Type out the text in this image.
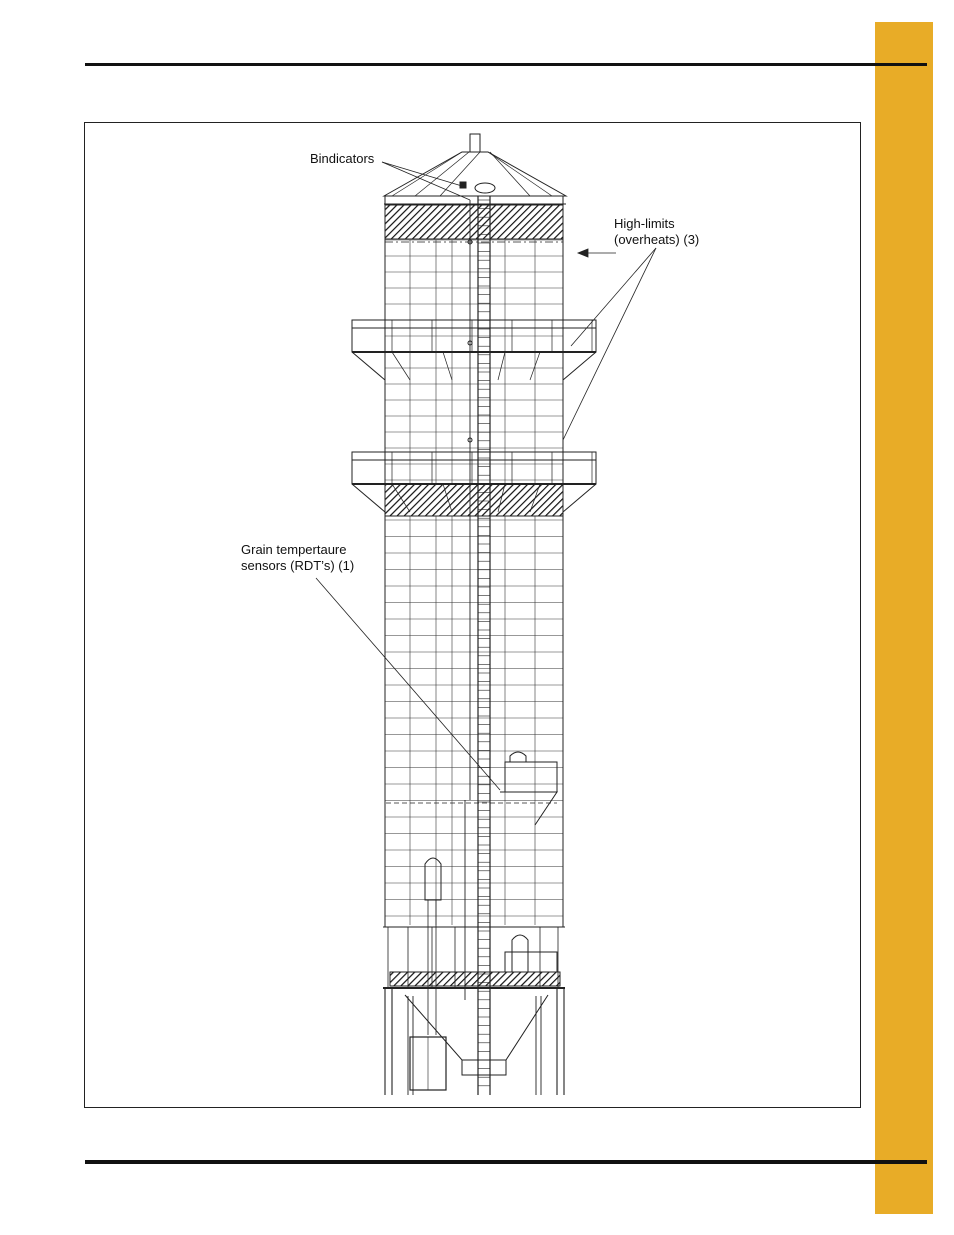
Bindicators
High-limits
(overheats) (3)
Grain tempertaure
sensors (RDT’s) (1)
